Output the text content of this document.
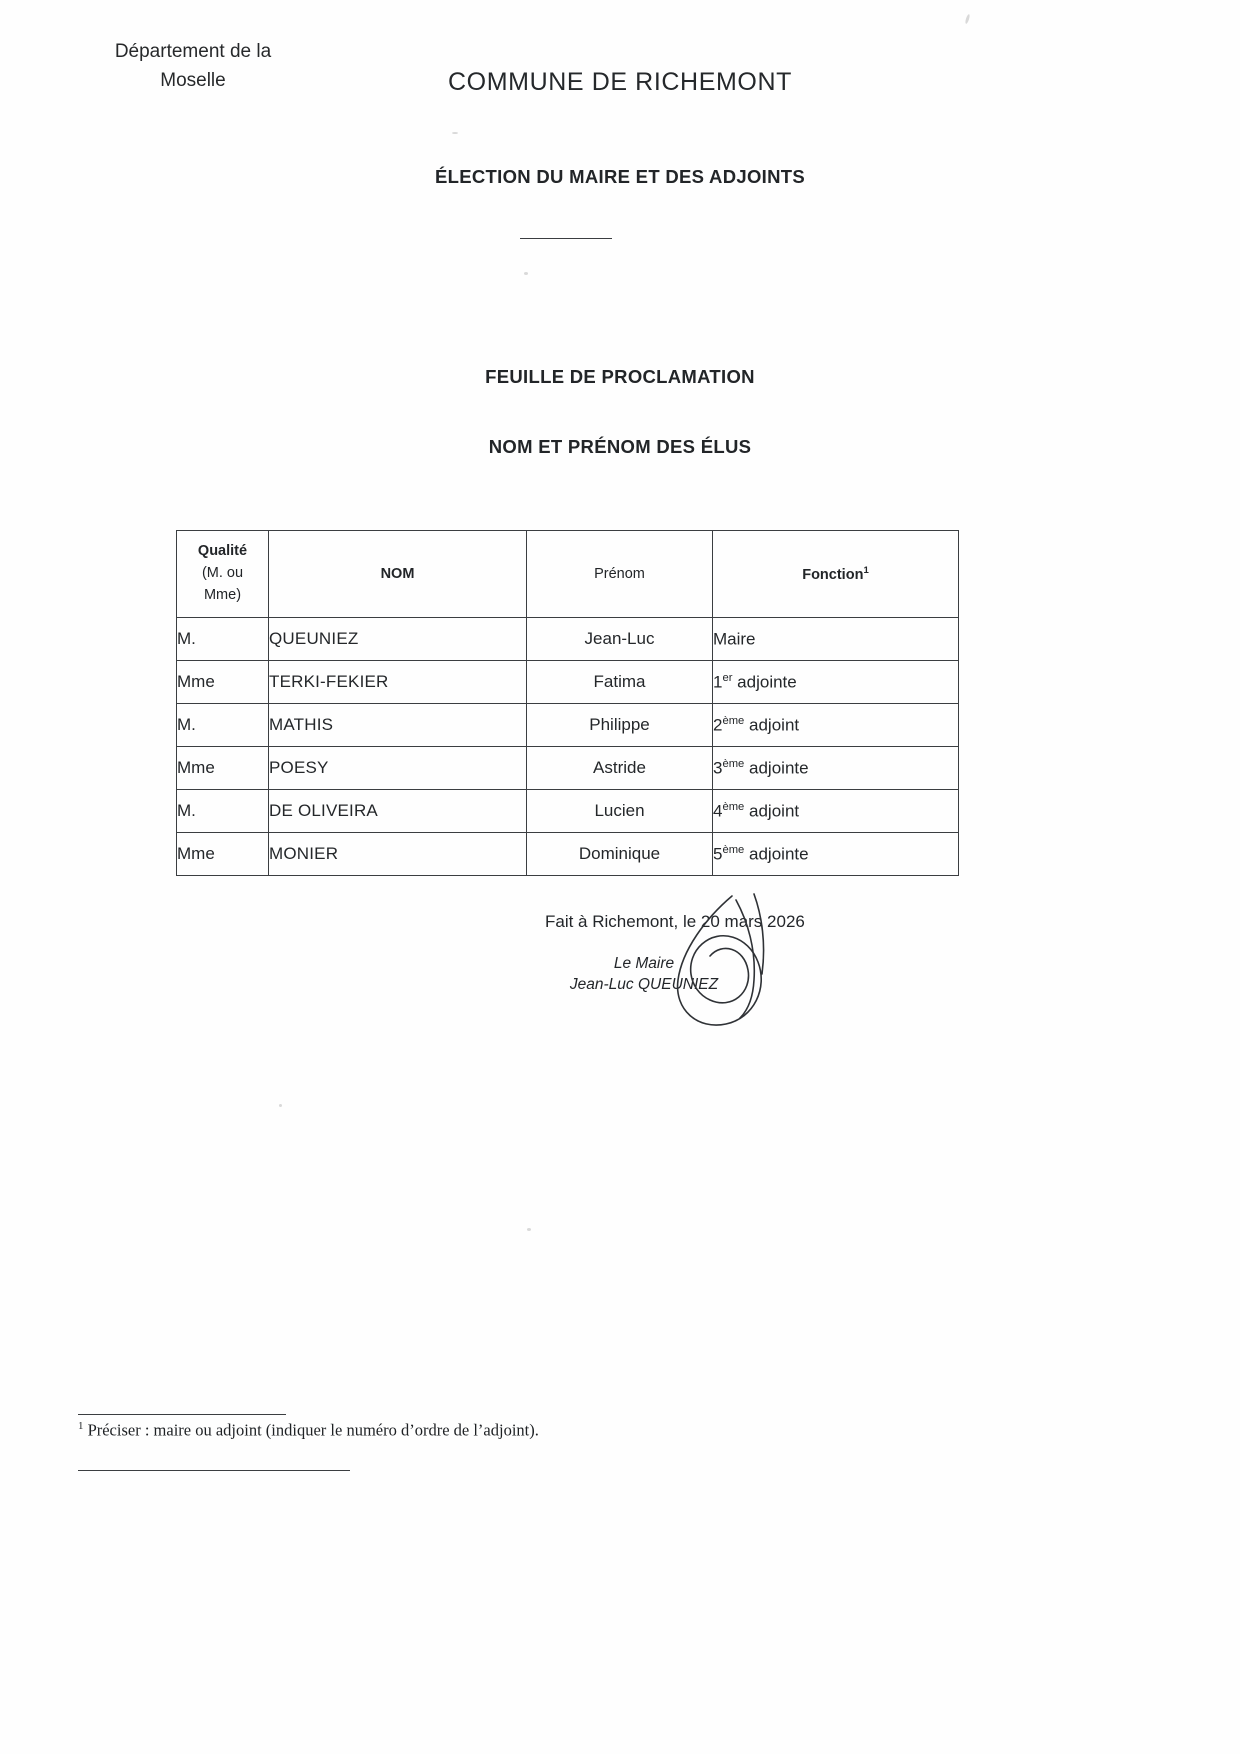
Département de la
Moselle	COMMUNE DE RICHEMONT
ÉLECTION DU MAIRE ET DES ADJOINTS
FEUILLE DE PROCLAMATION
NOM ET PRÉNOM DES ÉLUS
Qualité
(M. ou
Mme)	NOM	Prénom	Fonction$^1$
M.	QUEUNIEZ	Jean-Luc	Maire
Mme	TERKI-FEKIER	Fatima	1er adjointe
M.	MATHIS	Philippe	2ème adjoint
Mme	POESY	Astride	3ème adjointe
M.	DE OLIVEIRA	Lucien	4ème adjoint
Mme	MONIER	Dominique	5ème adjointe
Fait à Richemont, le 20 mars 2026
Le Maire
Jean-Luc QUEUNIEZ
$^1$ Préciser : maire ou adjoint (indiquer le numéro d’ordre de l’adjoint).
